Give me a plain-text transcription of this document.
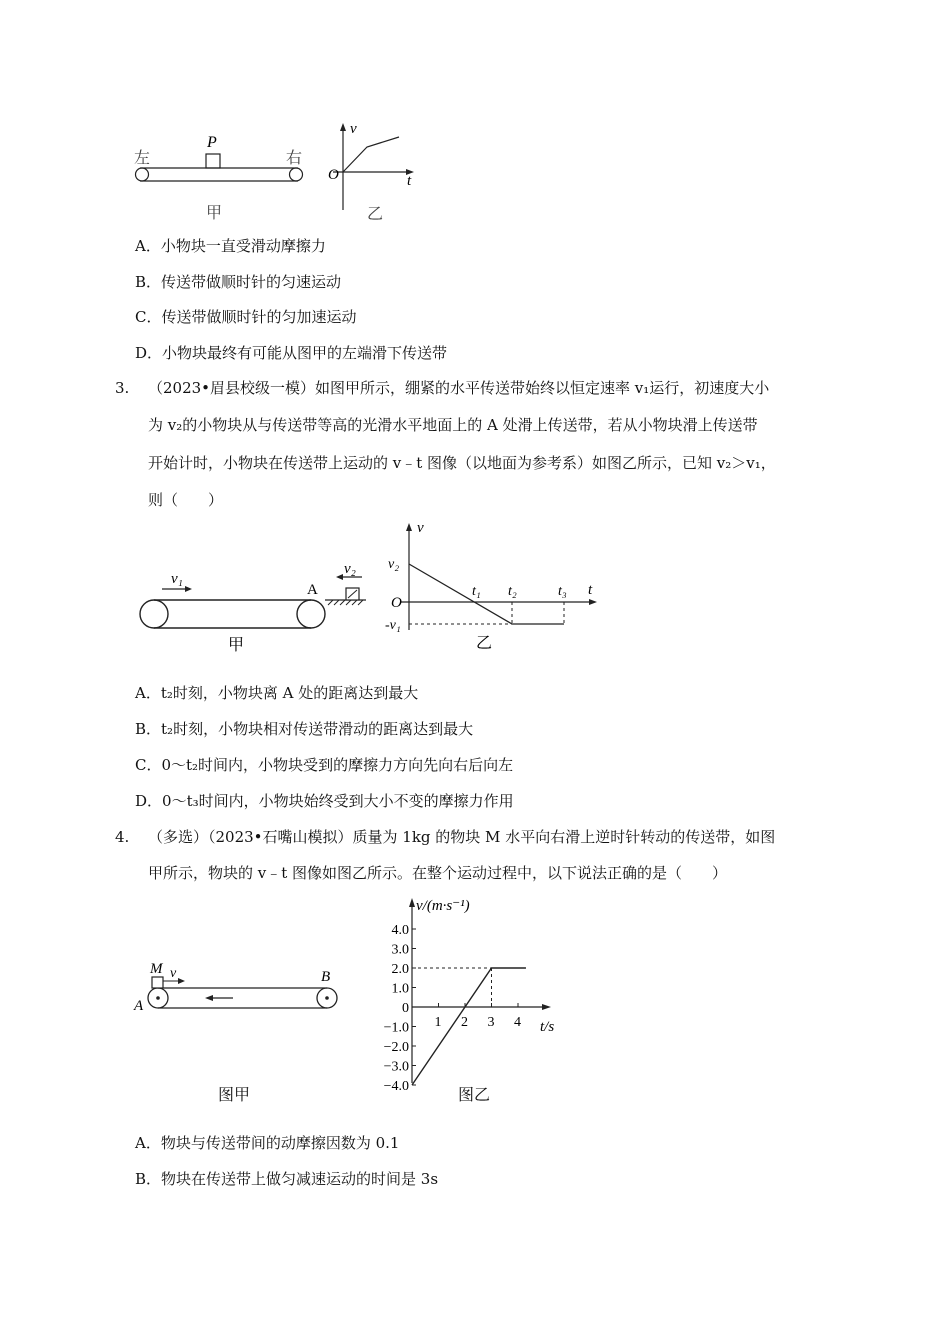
左	右
P
甲
v
t
O
乙
A．小物块一直受滑动摩擦力
B．传送带做顺时针的匀速运动
C．传送带做顺时针的匀加速运动
D．小物块最终有可能从图甲的左端滑下传送带
3. （2023•眉县校级一模）如图甲所示，绷紧的水平传送带始终以恒定速率 v₁运行，初速度大小
为 v₂的小物块从与传送带等高的光滑水平地面上的 A 处滑上传送带，若从小物块滑上传送带
开始计时，小物块在传送带上运动的 v﹣t 图像（以地面为参考系）如图乙所示，已知 v₂＞v₁，
则（　　）
v₁
A
v₂
甲
v
t
v₂
O
-v₁
t₁ t₂	t₃
乙
A．t₂时刻，小物块离 A 处的距离达到最大
B．t₂时刻，小物块相对传送带滑动的距离达到最大
C．0～t₂时间内，小物块受到的摩擦力方向先向右后向左
D．0～t₃时间内，小物块始终受到大小不变的摩擦力作用
4. （多选）（2023•石嘴山模拟）质量为 1kg 的物块 M 水平向右滑上逆时针转动的传送带，如图
甲所示，物块的 v﹣t 图像如图乙所示。在整个运动过程中，以下说法正确的是（　　）
M v
A
B
图甲
v/(m·s⁻¹)
t/s
4.0
3.0
2.0
1.0
0
−1.0
−2.0
−3.0
−4.0
1 2 3 4
图乙
A．物块与传送带间的动摩擦因数为 0.1
B．物块在传送带上做匀减速运动的时间是 3s
